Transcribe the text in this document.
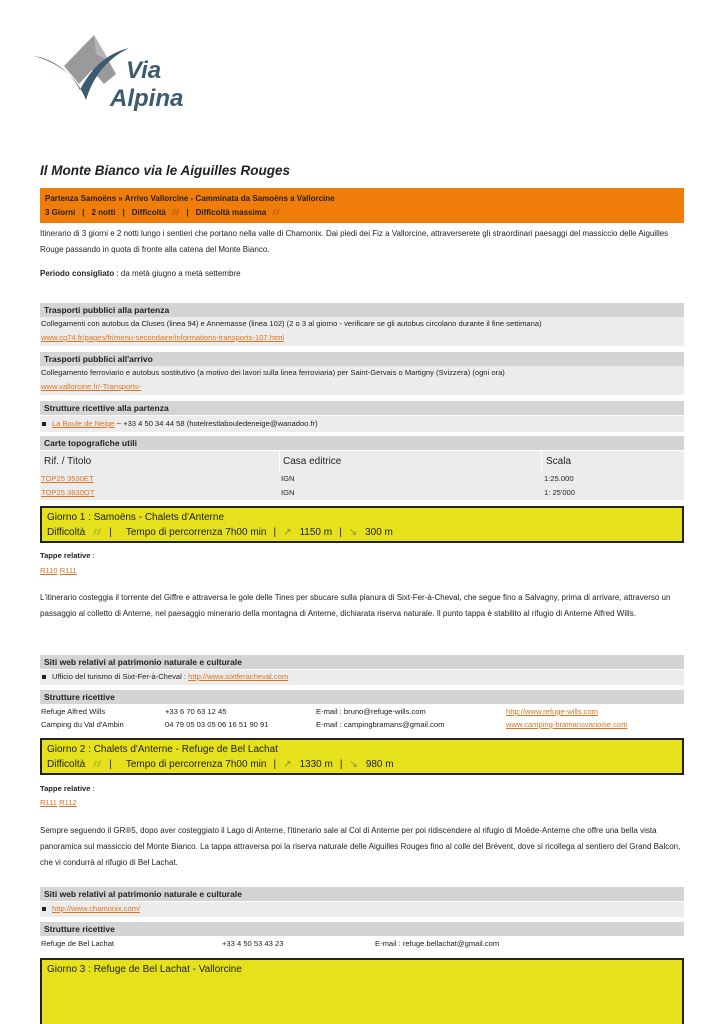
Via
Alpina
Il Monte Bianco via le Aiguilles Rouges
Partenza Samoëns » Arrivo Vallorcine - Camminata da Samoëns a Vallorcine
3 Giorni | 2 notti | Difficoltà ⫽⫽ | Difficoltà massima ⫽⫽

Itinerario di 3 giorni e 2 notti lungo i sentieri che portano nella valle di Chamonix. Dai piedi dei Fiz a Vallorcine, attraverserete gli straordinari paesaggi del massiccio delle Aiguilles Rouge passando in quota di fronte alla catena del Monte Bianco.

Periodo consigliato : da metà giugno a metà settembre

Trasporti pubblici alla partenza
Collegamenti con autobus da Cluses (linea 94) e Annemasse (linea 102) (2 o 3 al giorno - verificare se gli autobus circolano durante il fine settimana)
www.cg74.fr/pages/fr/menu-secondaire/informations-transports-107.html
Trasporti pubblici all'arrivo
Collegamento ferroviario e autobus sostitutivo (a motivo dei lavori sulla linea ferroviaria) per Saint-Gervais o Martigny (Svizzera) (ogni ora)
www.vallorcine.fr/-Transports-
Strutture ricettive alla partenza
La Boule de Neige ~ +33 4 50 34 44 58 (hotelrestlabouledeneige@wanadoo.fr)
Carte topografiche utili
Rif. / Titolo	Casa editrice	Scala
TOP25 3530ET	IGN	1:25.000
TOP25 3630OT	IGN	1: 25'000
Giorno 1 : Samoëns - Chalets d'Anterne
Difficoltà ⫽⫽ | Tempo di percorrenza 7h00 min | ↗ 1150 m | ↘ 300 m
Tappe relative :
R110 R111

L'itinerario costeggia il torrente del Giffre e attraversa le gole delle Tines per sbucare sulla pianura di Sixt-Fer-à-Cheval, che segue fino a Salvagny, prima di arrivare, attraverso un passaggio al colletto di Anterne, nel paesaggio minerario della montagna di Anterne, dichiarata riserva naturale. Il punto tappa è stabilito al rifugio di Anterne Alfred Wills.

Siti web relativi al patrimonio naturale e culturale
Ufficio del turismo di Sixt-Fer-à-Cheval : http://www.sixtferacheval.com
Strutture ricettive
Refuge Alfred Wills	+33 6 70 63 12 45	E-mail : bruno@refuge-wills.com	http://www.refuge-wills.com
Camping du Val d'Ambin	04 79 05 03 05 06 16 51 90 91	E-mail : campingbramans@gmail.com	www.camping-bramansvanoise.com
Giorno 2 : Chalets d'Anterne - Refuge de Bel Lachat
Difficoltà ⫽⫽ | Tempo di percorrenza 7h00 min | ↗ 1330 m | ↘ 980 m
Tappe relative :
R111 R112

Sempre seguendo il GR®5, dopo aver costeggiato il Lago di Anterne, l'itinerario sale al Col di Anterne per poi ridiscendere al rifugio di Moëde-Anterne che offre una bella vista panoramica sul massiccio del Monte Bianco. La tappa attraversa poi la riserva naturale delle Aiguilles Rouges fino al colle del Brévent, dove si ricollega al sentiero del Grand Balcon, che vi condurrà al rifugio di Bel Lachat.

Siti web relativi al patrimonio naturale e culturale
http://www.chamonix.com/
Strutture ricettive
Refuge de Bel Lachat	+33 4 50 53 43 23	E-mail : refuge.bellachat@gmail.com
Giorno 3 : Refuge de Bel Lachat - Vallorcine
